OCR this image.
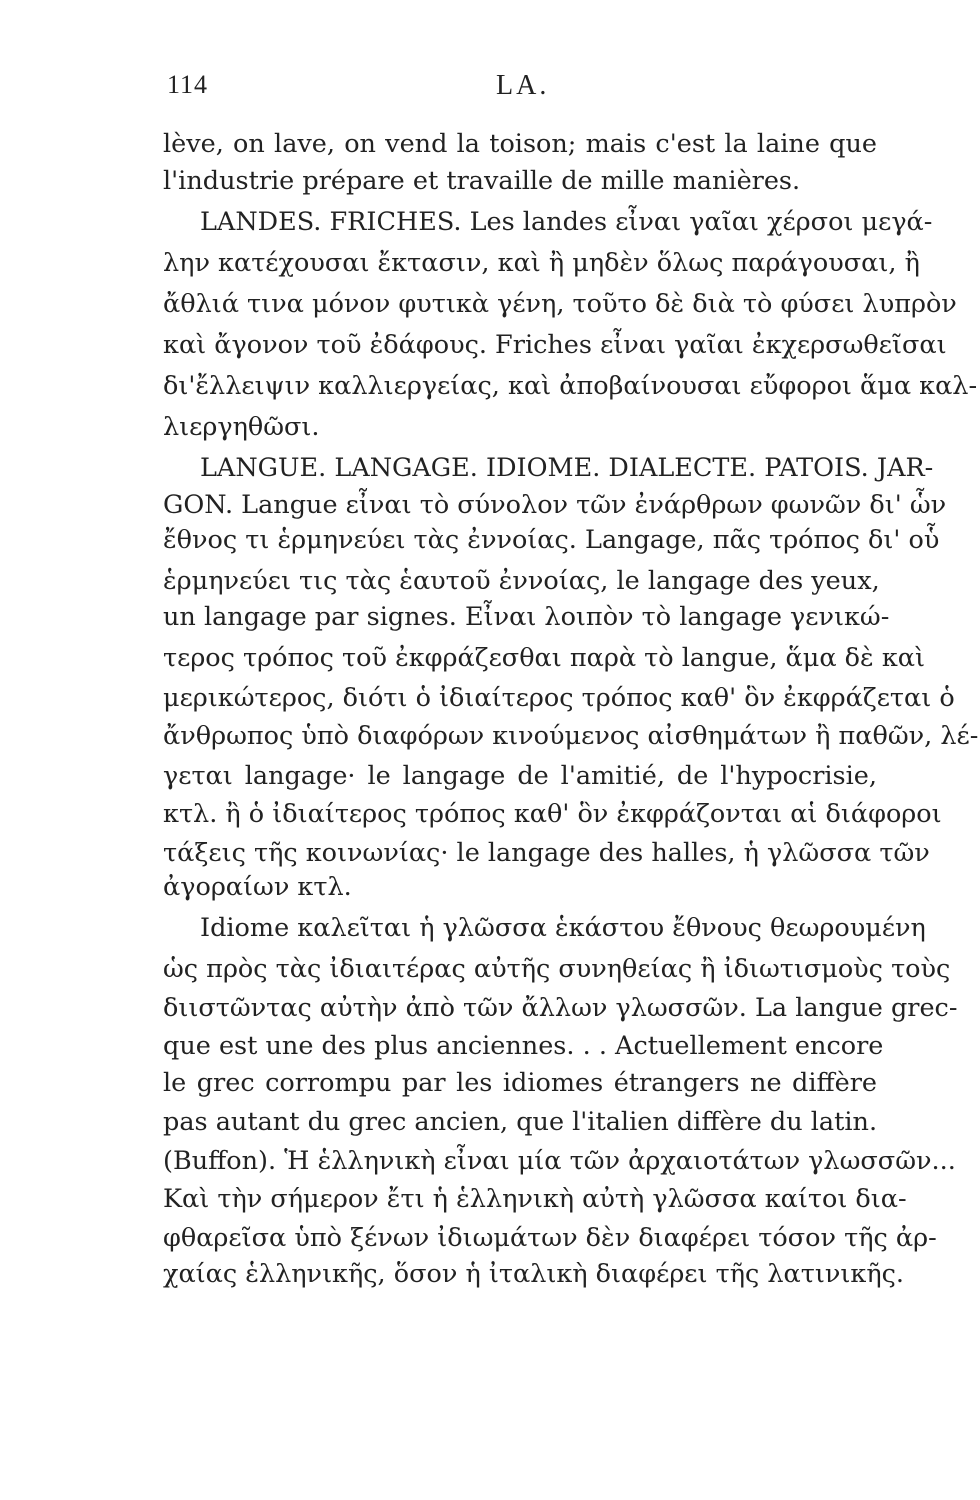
114	LA.
lève, on lave, on vend la toison; mais c'est la laine que
l'industrie prépare et travaille de mille manières.
LANDES. FRICHES. Les landes εἶναι γαῖαι χέρσοι μεγά-
λην κατέχουσαι ἔκτασιν, καὶ ἢ μηδὲν ὅλως παράγουσαι, ἢ
ἄθλιά τινα μόνον φυτικὰ γένη, τοῦτο δὲ διὰ τὸ φύσει λυπρὸν
καὶ ἄγονον τοῦ ἐδάφους. Friches εἶναι γαῖαι ἐκχερσωθεῖσαι
δι'ἔλλειψιν καλλιεργείας, καὶ ἀποβαίνουσαι εὔφοροι ἅμα καλ-
λιεργηθῶσι.
LANGUE. LANGAGE. IDIOME. DIALECTE. PATOIS. JAR-
GON. Langue εἶναι τὸ σύνολον τῶν ἐνάρθρων φωνῶν δι' ὧν
ἔθνος τι ἑρμηνεύει τὰς ἐννοίας. Langage, πᾶς τρόπος δι' οὗ
ἑρμηνεύει τις τὰς ἑαυτοῦ ἐννοίας, le langage des yeux,
un langage par signes. Εἶναι λοιπὸν τὸ langage γενικώ-
τερος τρόπος τοῦ ἐκφράζεσθαι παρὰ τὸ langue, ἅμα δὲ καὶ
μερικώτερος, διότι ὁ ἰδιαίτερος τρόπος καθ' ὃν ἐκφράζεται ὁ
ἄνθρωπος ὑπὸ διαφόρων κινούμενος αἰσθημάτων ἢ παθῶν, λέ-
γεται langage· le langage de l'amitié, de l'hypocrisie,
κτλ. ἢ ὁ ἰδιαίτερος τρόπος καθ' ὃν ἐκφράζονται αἱ διάφοροι
τάξεις τῆς κοινωνίας· le langage des halles, ἡ γλῶσσα τῶν
ἀγοραίων κτλ.
Idiome καλεῖται ἡ γλῶσσα ἑκάστου ἔθνους θεωρουμένη
ὡς πρὸς τὰς ἰδιαιτέρας αὐτῆς συνηθείας ἢ ἰδιωτισμοὺς τοὺς
διιστῶντας αὐτὴν ἀπὸ τῶν ἄλλων γλωσσῶν. La langue grec-
que est une des plus anciennes. . . Actuellement encore
le grec corrompu par les idiomes étrangers ne diffère
pas autant du grec ancien, que l'italien diffère du latin.
(Buffon). Ἡ ἑλληνικὴ εἶναι μία τῶν ἀρχαιοτάτων γλωσσῶν...
Καὶ τὴν σήμερον ἔτι ἡ ἑλληνικὴ αὐτὴ γλῶσσα καίτοι δια-
φθαρεῖσα ὑπὸ ξένων ἰδιωμάτων δὲν διαφέρει τόσον τῆς ἀρ-
χαίας ἑλληνικῆς, ὅσον ἡ ἰταλικὴ διαφέρει τῆς λατινικῆς.
